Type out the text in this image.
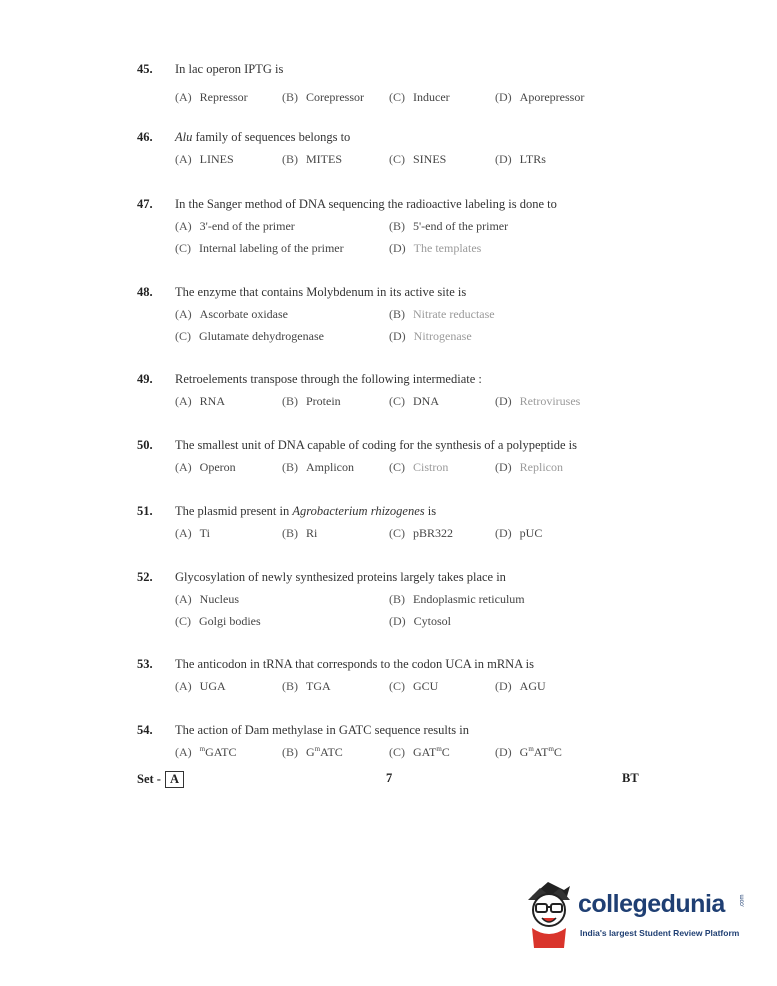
45. In lac operon IPTG is
(A) Repressor	(B) Corepressor (C) Inducer	(D) Aporepressor
46. Alu family of sequences belongs to
(A) LINES	(B) MITES	(C) SINES	(D) LTRs
47. In the Sanger method of DNA sequencing the radioactive labeling is done to
(A) 3'-end of the primer	(B) 5'-end of the primer
(C) Internal labeling of the primer	(D) The templates
48. The enzyme that contains Molybdenum in its active site is
(A) Ascorbate oxidase	(B) Nitrate reductase
(C) Glutamate dehydrogenase	(D) Nitrogenase
49. Retroelements transpose through the following intermediate :
(A) RNA	(B) Protein	(C) DNA	(D) Retroviruses
50. The smallest unit of DNA capable of coding for the synthesis of a polypeptide is
(A) Operon	(B) Amplicon	(C) Cistron	(D) Replicon
51. The plasmid present in Agrobacterium rhizogenes is
(A) Ti	(B) Ri	(C) pBR322	(D) pUC
52. Glycosylation of newly synthesized proteins largely takes place in
(A) Nucleus	(B) Endoplasmic reticulum
(C) Golgi bodies	(D) Cytosol
53. The anticodon in tRNA that corresponds to the codon UCA in mRNA is
(A) UGA	(B) TGA	(C) GCU	(D) AGU
54. The action of Dam methylase in GATC sequence results in
(A) $^m$GATC	(B) $G^mATC$	(C) GAT$^m$C	(D) $G^mAT^mC$
Set - A	7	BT
collegedunia .com
India's largest Student Review Platform
